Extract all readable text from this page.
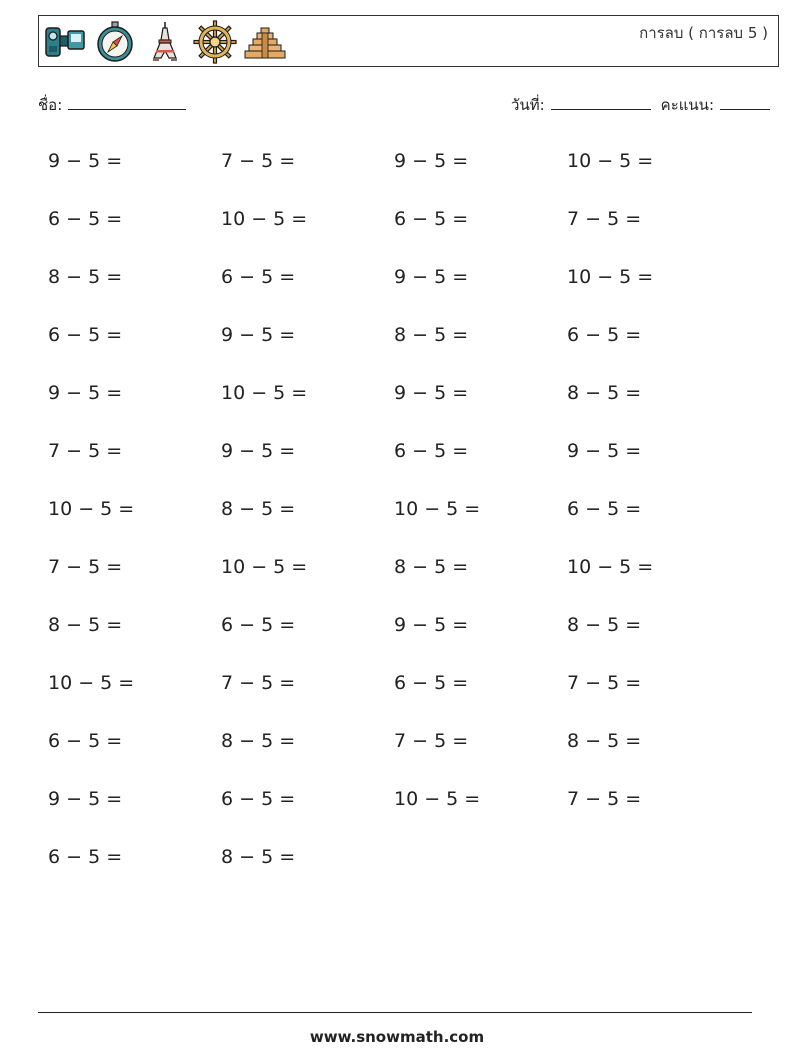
การลบ ( การลบ 5 )
ชื่อ:	วันที่:	คะแนน:
9 − 5 =	7 − 5 =	9 − 5 =	10 − 5 =
6 − 5 =	10 − 5 =	6 − 5 =	7 − 5 =
8 − 5 =	6 − 5 =	9 − 5 =	10 − 5 =
6 − 5 =	9 − 5 =	8 − 5 =	6 − 5 =
9 − 5 =	10 − 5 =	9 − 5 =	8 − 5 =
7 − 5 =	9 − 5 =	6 − 5 =	9 − 5 =
10 − 5 =	8 − 5 =	10 − 5 =	6 − 5 =
7 − 5 =	10 − 5 =	8 − 5 =	10 − 5 =
8 − 5 =	6 − 5 =	9 − 5 =	8 − 5 =
10 − 5 =	7 − 5 =	6 − 5 =	7 − 5 =
6 − 5 =	8 − 5 =	7 − 5 =	8 − 5 =
9 − 5 =	6 − 5 =	10 − 5 =	7 − 5 =
6 − 5 =	8 − 5 =
www.snowmath.com
